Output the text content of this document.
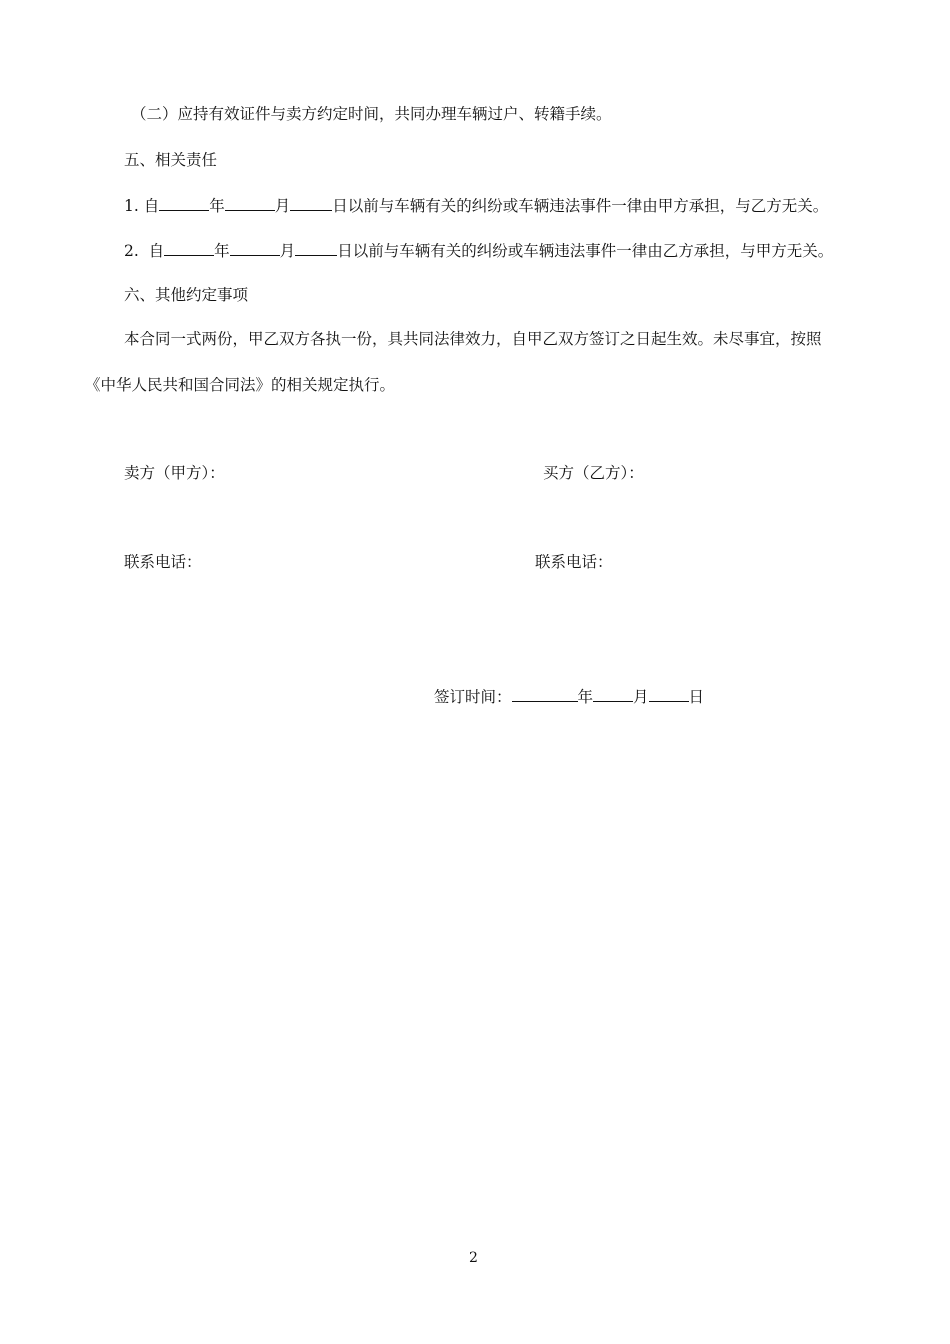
（二）应持有效证件与卖方约定时间，共同办理车辆过户、转籍手续。
五、相关责任
1. 自	年	月	日以前与车辆有关的纠纷或车辆违法事件一律由甲方承担，与乙方无关。
2.  自	年	月	日以前与车辆有关的纠纷或车辆违法事件一律由乙方承担，与甲方无关。
六、其他约定事项
本合同一式两份，甲乙双方各执一份，具共同法律效力，自甲乙双方签订之日起生效。未尽事宜，按照
《中华人民共和国合同法》的相关规定执行。
卖方（甲方）：	买方（乙方）：
联系电话：	联系电话：
签订时间：	年	月	日
2
